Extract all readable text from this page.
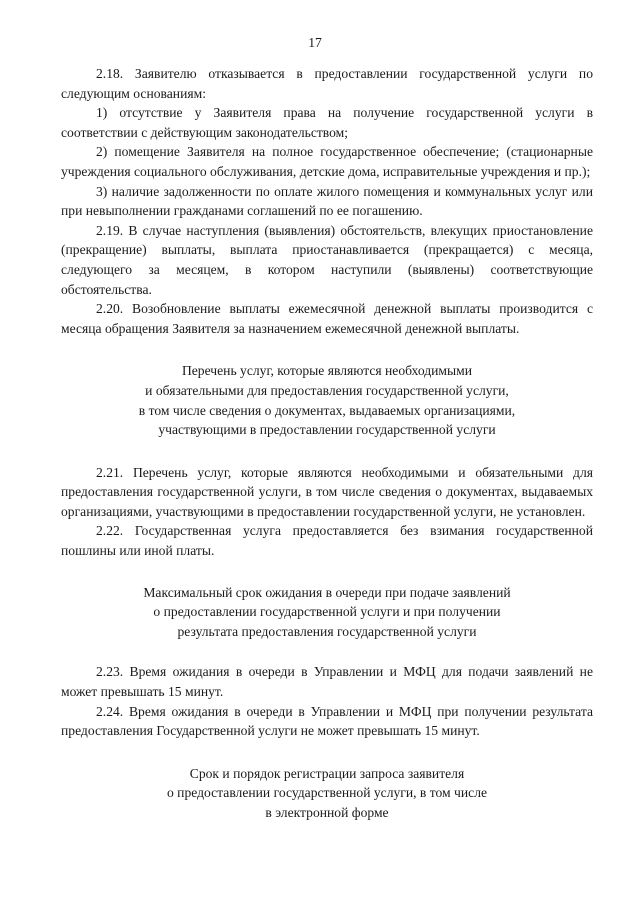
17

2.18. Заявителю отказывается в предоставлении государственной услуги по следующим основаниям:

1) отсутствие у Заявителя права на получение государственной услуги в соответствии с действующим законодательством;

2) помещение Заявителя на полное государственное обеспечение; (стационарные учреждения социального обслуживания, детские дома, исправительные учреждения и пр.);

3) наличие задолженности по оплате жилого помещения и коммунальных услуг или при невыполнении гражданами соглашений по ее погашению.

2.19. В случае наступления (выявления) обстоятельств, влекущих приостановление (прекращение) выплаты, выплата приостанавливается (прекращается) с месяца, следующего за месяцем, в котором наступили (выявлены) соответствующие обстоятельства.

2.20. Возобновление выплаты ежемесячной денежной выплаты производится с месяца обращения Заявителя за назначением ежемесячной денежной выплаты.

Перечень услуг, которые являются необходимыми
и обязательными для предоставления государственной услуги,
в том числе сведения о документах, выдаваемых организациями,
участвующими в предоставлении государственной услуги

2.21. Перечень услуг, которые являются необходимыми и обязательными для предоставления государственной услуги, в том числе сведения о документах, выдаваемых организациями, участвующими в предоставлении государственной услуги, не установлен.

2.22. Государственная услуга предоставляется без взимания государственной пошлины или иной платы.

Максимальный срок ожидания в очереди при подаче заявлений
о предоставлении государственной услуги и при получении
результата предоставления государственной услуги

2.23. Время ожидания в очереди в Управлении и МФЦ для подачи заявлений не может превышать 15 минут.

2.24. Время ожидания в очереди в Управлении и МФЦ при получении результата предоставления Государственной услуги не может превышать 15 минут.

Срок и порядок регистрации запроса заявителя
о предоставлении государственной услуги, в том числе
в электронной форме
